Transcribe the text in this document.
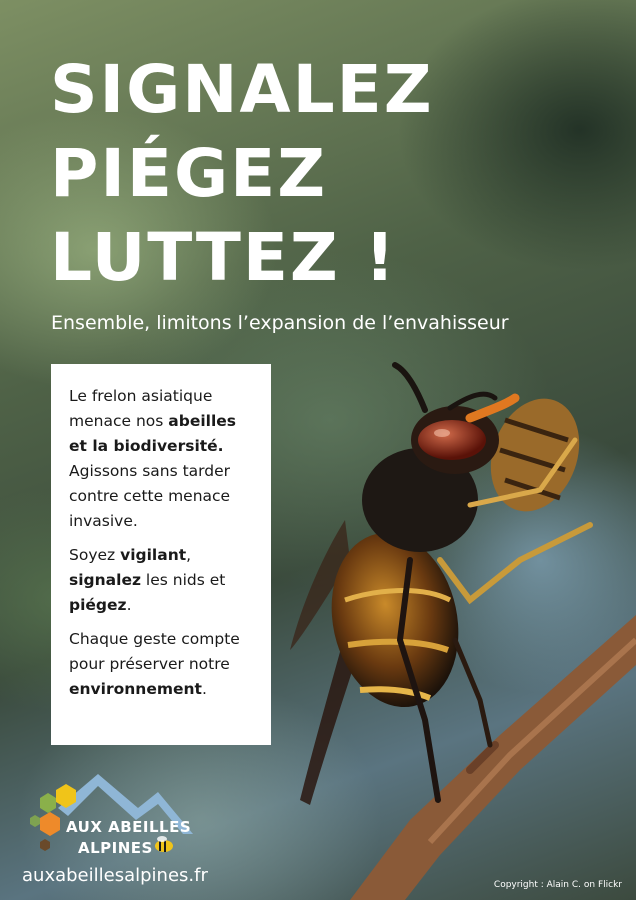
SIGNALEZ
PIÉGEZ
LUTTEZ !
Ensemble, limitons l’expansion de l’envahisseur

Le frelon asiatique menace nos abeilles et la biodiversité. Agissons sans tarder contre cette menace invasive.

Soyez vigilant, signalez les nids et piégez.

Chaque geste compte pour préserver notre environnement.

AUX ABEILLES
ALPINES
auxabeillesalpines.fr	Copyright : Alain C. on Flickr
